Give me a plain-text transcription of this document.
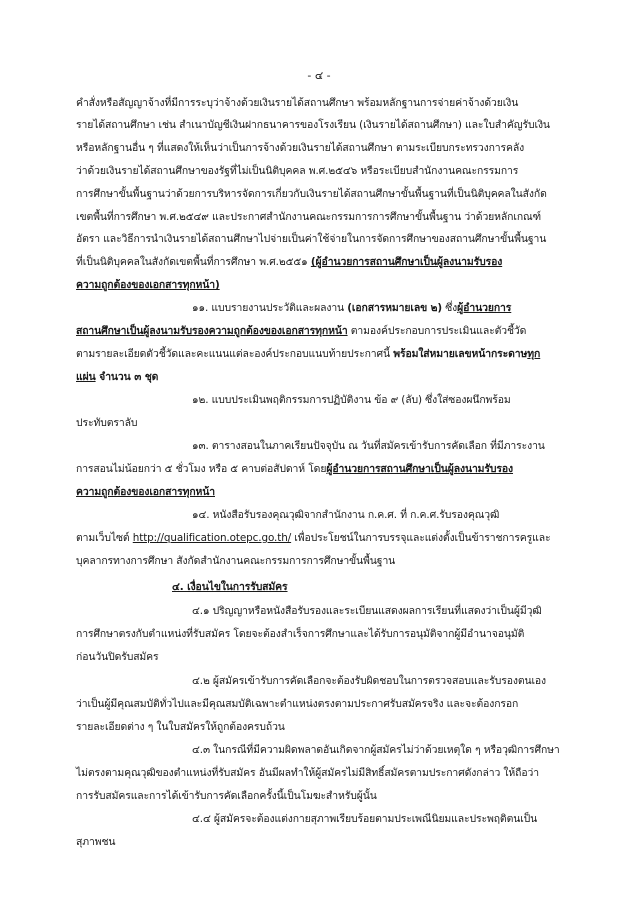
- ๔ -
คำสั่งหรือสัญญาจ้างที่มีการระบุว่าจ้างด้วยเงินรายได้สถานศึกษา พร้อมหลักฐานการจ่ายค่าจ้างด้วยเงิน
รายได้สถานศึกษา เช่น สำเนาบัญชีเงินฝากธนาคารของโรงเรียน (เงินรายได้สถานศึกษา) และใบสำคัญรับเงิน
หรือหลักฐานอื่น ๆ ที่แสดงให้เห็นว่าเป็นการจ้างด้วยเงินรายได้สถานศึกษา ตามระเบียบกระทรวงการคลัง
ว่าด้วยเงินรายได้สถานศึกษาของรัฐที่ไม่เป็นนิติบุคคล พ.ศ.๒๕๔๖ หรือระเบียบสำนักงานคณะกรรมการ
การศึกษาขั้นพื้นฐานว่าด้วยการบริหารจัดการเกี่ยวกับเงินรายได้สถานศึกษาขั้นพื้นฐานที่เป็นนิติบุคคลในสังกัด
เขตพื้นที่การศึกษา พ.ศ.๒๕๔๙ และประกาศสำนักงานคณะกรรมการการศึกษาขั้นพื้นฐาน ว่าด้วยหลักเกณฑ์
อัตรา และวิธีการนำเงินรายได้สถานศึกษาไปจ่ายเป็นค่าใช้จ่ายในการจัดการศึกษาของสถานศึกษาขั้นพื้นฐาน
ที่เป็นนิติบุคคลในสังกัดเขตพื้นที่การศึกษา พ.ศ.๒๕๕๑ (ผู้อำนวยการสถานศึกษาเป็นผู้ลงนามรับรอง
ความถูกต้องของเอกสารทุกหน้า)
๑๑. แบบรายงานประวัติและผลงาน (เอกสารหมายเลข ๒) ซึ่งผู้อำนวยการ
สถานศึกษาเป็นผู้ลงนามรับรองความถูกต้องของเอกสารทุกหน้า ตามองค์ประกอบการประเมินและตัวชี้วัด
ตามรายละเอียดตัวชี้วัดและคะแนนแต่ละองค์ประกอบแนบท้ายประกาศนี้ พร้อมใส่หมายเลขหน้ากระดาษทุก
แผ่น จำนวน ๓ ชุด
๑๒. แบบประเมินพฤติกรรมการปฏิบัติงาน ข้อ ๙ (ลับ) ซึ่งใส่ซองผนึกพร้อม
ประทับตราลับ
๑๓. ตารางสอนในภาคเรียนปัจจุบัน ณ วันที่สมัครเข้ารับการคัดเลือก ที่มีภาระงาน
การสอนไม่น้อยกว่า ๕ ชั่วโมง หรือ ๕ คาบต่อสัปดาห์ โดยผู้อำนวยการสถานศึกษาเป็นผู้ลงนามรับรอง
ความถูกต้องของเอกสารทุกหน้า
๑๔. หนังสือรับรองคุณวุฒิจากสำนักงาน ก.ค.ศ. ที่ ก.ค.ศ.รับรองคุณวุฒิ
ตามเว็บไซต์ http://qualification.otepc.go.th/ เพื่อประโยชน์ในการบรรจุและแต่งตั้งเป็นข้าราชการครูและ
บุคลากรทางการศึกษา สังกัดสำนักงานคณะกรรมการการศึกษาขั้นพื้นฐาน
๔. เงื่อนไขในการรับสมัคร
๔.๑ ปริญญาหรือหนังสือรับรองและระเบียนแสดงผลการเรียนที่แสดงว่าเป็นผู้มีวุฒิ
การศึกษาตรงกับตำแหน่งที่รับสมัคร โดยจะต้องสำเร็จการศึกษาและได้รับการอนุมัติจากผู้มีอำนาจอนุมัติ
ก่อนวันปิดรับสมัคร
๔.๒ ผู้สมัครเข้ารับการคัดเลือกจะต้องรับผิดชอบในการตรวจสอบและรับรองตนเอง
ว่าเป็นผู้มีคุณสมบัติทั่วไปและมีคุณสมบัติเฉพาะตำแหน่งตรงตามประกาศรับสมัครจริง และจะต้องกรอก
รายละเอียดต่าง ๆ ในใบสมัครให้ถูกต้องครบถ้วน
๔.๓ ในกรณีที่มีความผิดพลาดอันเกิดจากผู้สมัครไม่ว่าด้วยเหตุใด ๆ หรือวุฒิการศึกษา
ไม่ตรงตามคุณวุฒิของตำแหน่งที่รับสมัคร อันมีผลทำให้ผู้สมัครไม่มีสิทธิ์สมัครตามประกาศดังกล่าว ให้ถือว่า
การรับสมัครและการได้เข้ารับการคัดเลือกครั้งนี้เป็นโมฆะสำหรับผู้นั้น
๔.๔ ผู้สมัครจะต้องแต่งกายสุภาพเรียบร้อยตามประเพณีนิยมและประพฤติตนเป็น
สุภาพชน
